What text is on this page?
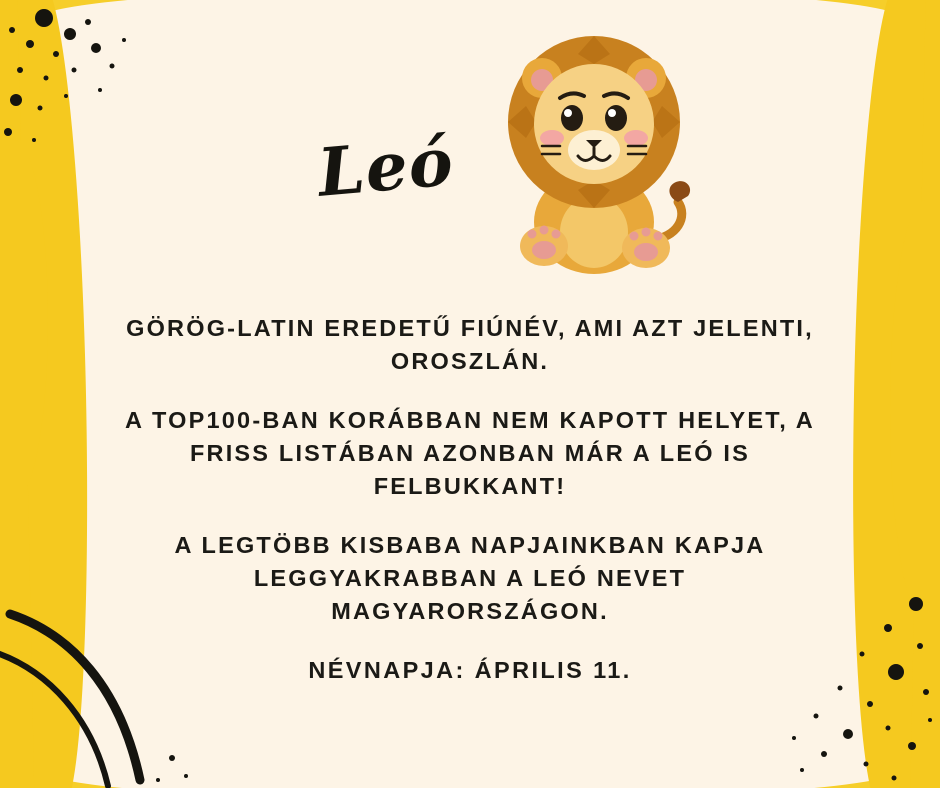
Leó

GÖRÖG-LATIN EREDETŰ FIÚNÉV, AMI AZT JELENTI, OROSZLÁN.

A TOP100-BAN KORÁBBAN NEM KAPOTT HELYET, A FRISS LISTÁBAN AZONBAN MÁR A LEÓ IS FELBUKKANT!

A LEGTÖBB KISBABA NAPJAINKBAN KAPJA LEGGYAKRABBAN A LEÓ NEVET MAGYARORSZÁGON.

NÉVNAPJA: ÁPRILIS 11.
